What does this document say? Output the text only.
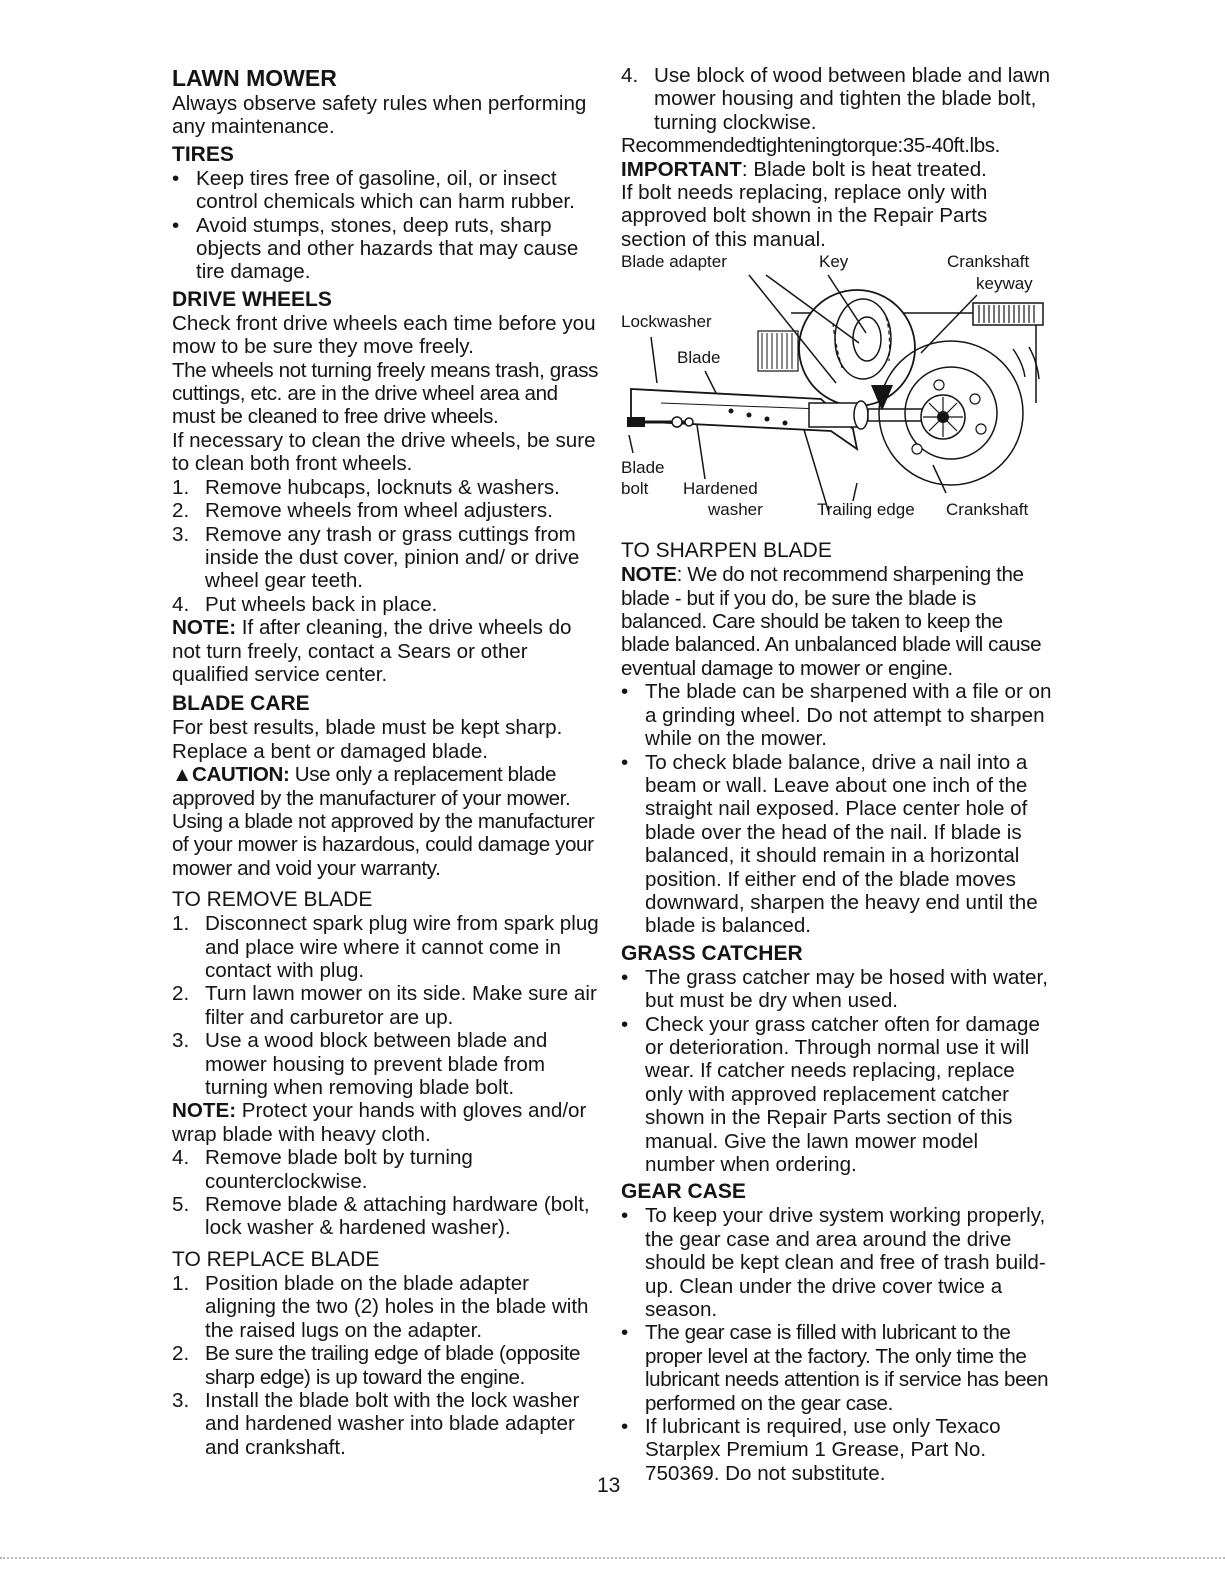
LAWN MOWER

Always observe safety rules when performing any maintenance.

TIRES
• Keep tires free of gasoline, oil, or insect control chemicals which can harm rubber.
• Avoid stumps, stones, deep ruts, sharp objects and other hazards that may cause tire damage.
DRIVE WHEELS

Check front drive wheels each time before you mow to be sure they move freely.

The wheels not turning freely means trash, grass cuttings, etc. are in the drive wheel area and must be cleaned to free drive wheels.

If necessary to clean the drive wheels, be sure to clean both front wheels.

1. Remove hubcaps, locknuts & washers.
2. Remove wheels from wheel adjusters.
3. Remove any trash or grass cuttings from inside the dust cover, pinion and/ or drive wheel gear teeth.
4. Put wheels back in place.

NOTE: If after cleaning, the drive wheels do not turn freely, contact a Sears or other qualified service center.

BLADE CARE

For best results, blade must be kept sharp. Replace a bent or damaged blade.

▲CAUTION: Use only a replacement blade approved by the manufacturer of your mower. Using a blade not approved by the manufacturer of your mower is hazardous, could damage your mower and void your warranty.

TO REMOVE BLADE
1. Disconnect spark plug wire from spark plug and place wire where it cannot come in contact with plug.
2. Turn lawn mower on its side. Make sure air filter and carburetor are up.
3. Use a wood block between blade and mower housing to prevent blade from turning when removing blade bolt.

NOTE: Protect your hands with gloves and/or wrap blade with heavy cloth.

4. Remove blade bolt by turning counterclockwise.
5. Remove blade & attaching hardware (bolt, lock washer & hardened washer).
TO REPLACE BLADE
1. Position blade on the blade adapter aligning the two (2) holes in the blade with the raised lugs on the adapter.
2. Be sure the trailing edge of blade (opposite sharp edge) is up toward the engine.
3. Install the blade bolt with the lock washer and hardened washer into blade adapter and crankshaft.
4. Use block of wood between blade and lawn mower housing and tighten the blade bolt, turning clockwise.

Recommendedtighteningtorque:35-40ft.lbs.

IMPORTANT: Blade bolt is heat treated.

If bolt needs replacing, replace only with approved bolt shown in the Repair Parts section of this manual.

Blade adapter	Key	Crankshaft
keyway
Lockwasher
Blade
Blade
bolt Hardened
washer	Trailing edge Crankshaft
TO SHARPEN BLADE

NOTE: We do not recommend sharpening the blade - but if you do, be sure the blade is balanced. Care should be taken to keep the blade balanced. An unbalanced blade will cause eventual damage to mower or engine.

• The blade can be sharpened with a file or on a grinding wheel. Do not attempt to sharpen while on the mower.
• To check blade balance, drive a nail into a beam or wall. Leave about one inch of the straight nail exposed. Place center hole of blade over the head of the nail. If blade is balanced, it should remain in a horizontal position. If either end of the blade moves downward, sharpen the heavy end until the blade is balanced.
GRASS CATCHER
• The grass catcher may be hosed with water, but must be dry when used.
• Check your grass catcher often for damage or deterioration. Through normal use it will wear. If catcher needs replacing, replace only with approved replacement catcher shown in the Repair Parts section of this manual. Give the lawn mower model number when ordering.
GEAR CASE
• To keep your drive system working properly, the gear case and area around the drive should be kept clean and free of trash build-up. Clean under the drive cover twice a season.
• The gear case is filled with lubricant to the proper level at the factory. The only time the lubricant needs attention is if service has been performed on the gear case.
• If lubricant is required, use only Texaco Starplex Premium 1 Grease, Part No. 750369. Do not substitute.
13
